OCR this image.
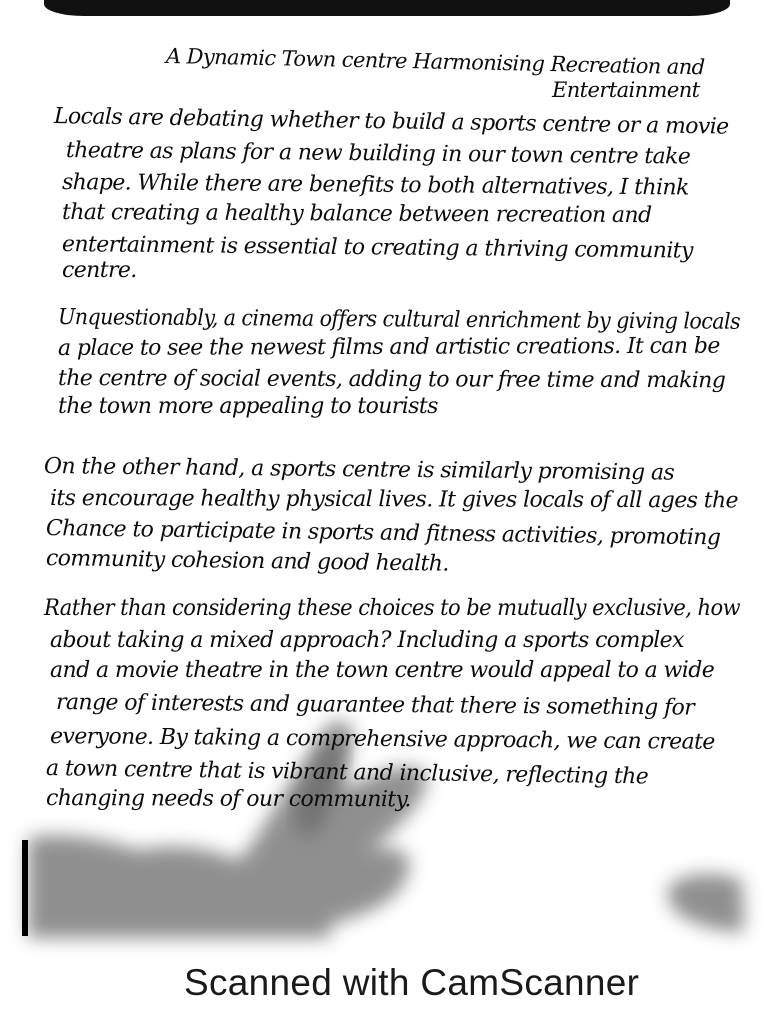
A Dynamic Town centre Harmonising Recreation and
Entertainment
Locals are debating whether to build a sports centre or a movie
theatre as plans for a new building in our town centre take
shape. While there are benefits to both alternatives, I think
that creating a healthy balance between recreation and
entertainment is essential to creating a thriving community
centre.
Unquestionably, a cinema offers cultural enrichment by giving locals
a place to see the newest films and artistic creations. It can be
the centre of social events, adding to our free time and making
the town more appealing to tourists
On the other hand, a sports centre is similarly promising as
its encourage healthy physical lives. It gives locals of all ages the
Chance to participate in sports and fitness activities, promoting
community cohesion and good health.
Rather than considering these choices to be mutually exclusive, how
about taking a mixed approach? Including a sports complex
and a movie theatre in the town centre would appeal to a wide
range of interests and guarantee that there is something for
everyone. By taking a comprehensive approach, we can create
a town centre that is vibrant and inclusive, reflecting the
changing needs of our community.
Scanned with CamScanner
